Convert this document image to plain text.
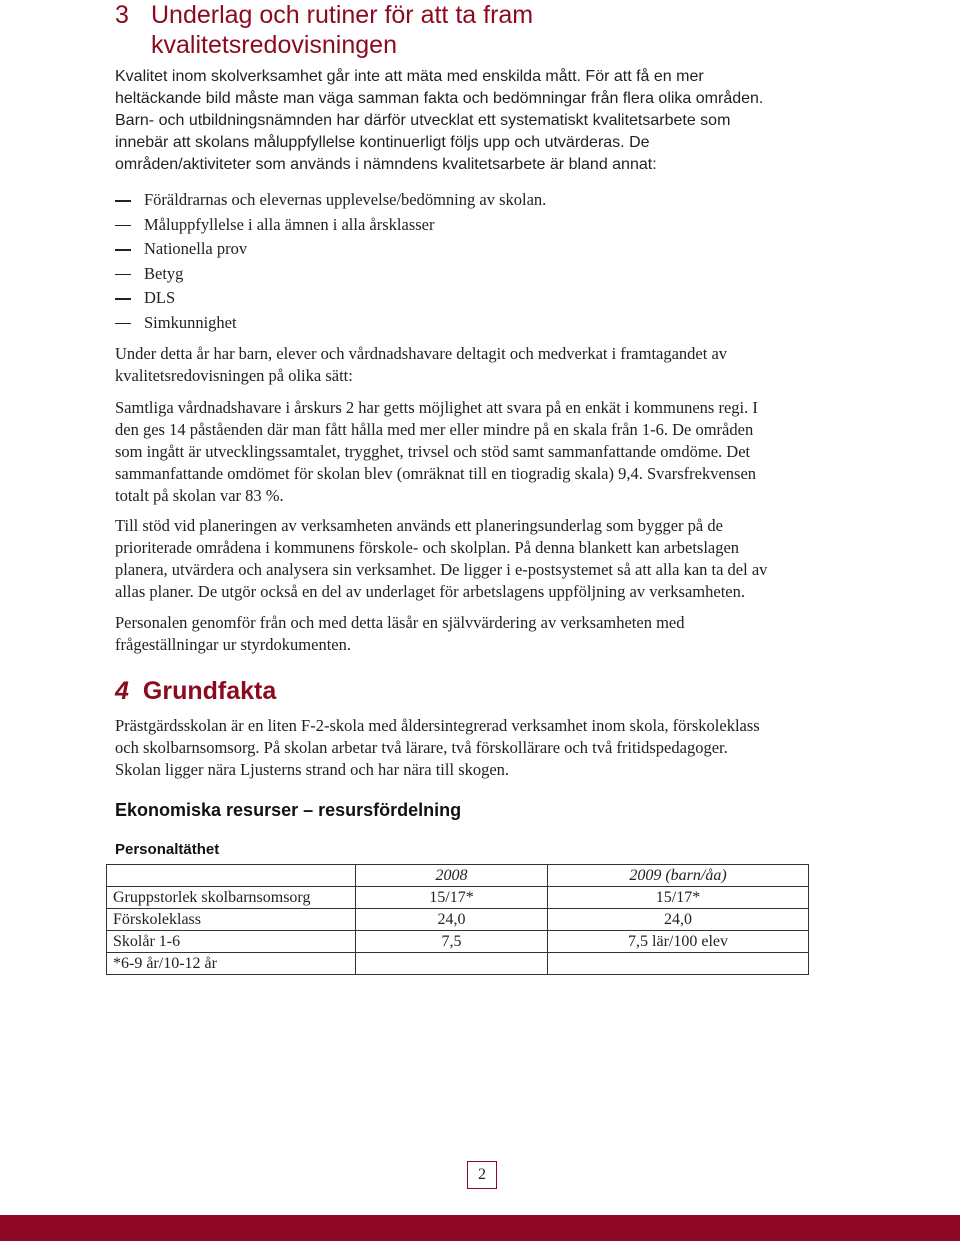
3 Underlag och rutiner för att ta fram
kvalitetsredovisningen
Kvalitet inom skolverksamhet går inte att mäta med enskilda mått. För att få en mer
heltäckande bild måste man väga samman fakta och bedömningar från flera olika områden.
Barn- och utbildningsnämnden har därför utvecklat ett systematiskt kvalitetsarbete som
innebär att skolans måluppfyllelse kontinuerligt följs upp och utvärderas. De
områden/aktiviteter som används i nämndens kvalitetsarbete är bland annat:
Föräldrarnas och elevernas upplevelse/bedömning av skolan.
Måluppfyllelse i alla ämnen i alla årsklasser
Nationella prov
Betyg
DLS
Simkunnighet
Under detta år har barn, elever och vårdnadshavare deltagit och medverkat i framtagandet av
kvalitetsredovisningen på olika sätt:
Samtliga vårdnadshavare i årskurs 2 har getts möjlighet att svara på en enkät i kommunens regi. I
den ges 14 påståenden där man fått hålla med mer eller mindre på en skala från 1-6. De områden
som ingått är utvecklingssamtalet, trygghet, trivsel och stöd samt sammanfattande omdöme. Det
sammanfattande omdömet för skolan blev (omräknat till en tiogradig skala) 9,4. Svarsfrekvensen
totalt på skolan var 83 %.
Till stöd vid planeringen av verksamheten används ett planeringsunderlag som bygger på de
prioriterade områdena i kommunens förskole- och skolplan. På denna blankett kan arbetslagen
planera, utvärdera och analysera sin verksamhet. De ligger i e-postsystemet så att alla kan ta del av
allas planer. De utgör också en del av underlaget för arbetslagens uppföljning av verksamheten.
Personalen genomför från och med detta läsår en självvärdering av verksamheten med
frågeställningar ur styrdokumenten.
4 Grundfakta
Prästgärdsskolan är en liten F-2-skola med åldersintegrerad verksamhet inom skola, förskoleklass
och skolbarnsomsorg. På skolan arbetar två lärare, två förskollärare och två fritidspedagoger.
Skolan ligger nära Ljusterns strand och har nära till skogen.
Ekonomiska resurser – resursfördelning
Personaltäthet
	2008	2009 (barn/åa)
Gruppstorlek skolbarnsomsorg	15/17*	15/17*
Förskoleklass	24,0	24,0
Skolår 1-6	7,5	7,5 lär/100 elev
*6-9 år/10-12 år		
2
